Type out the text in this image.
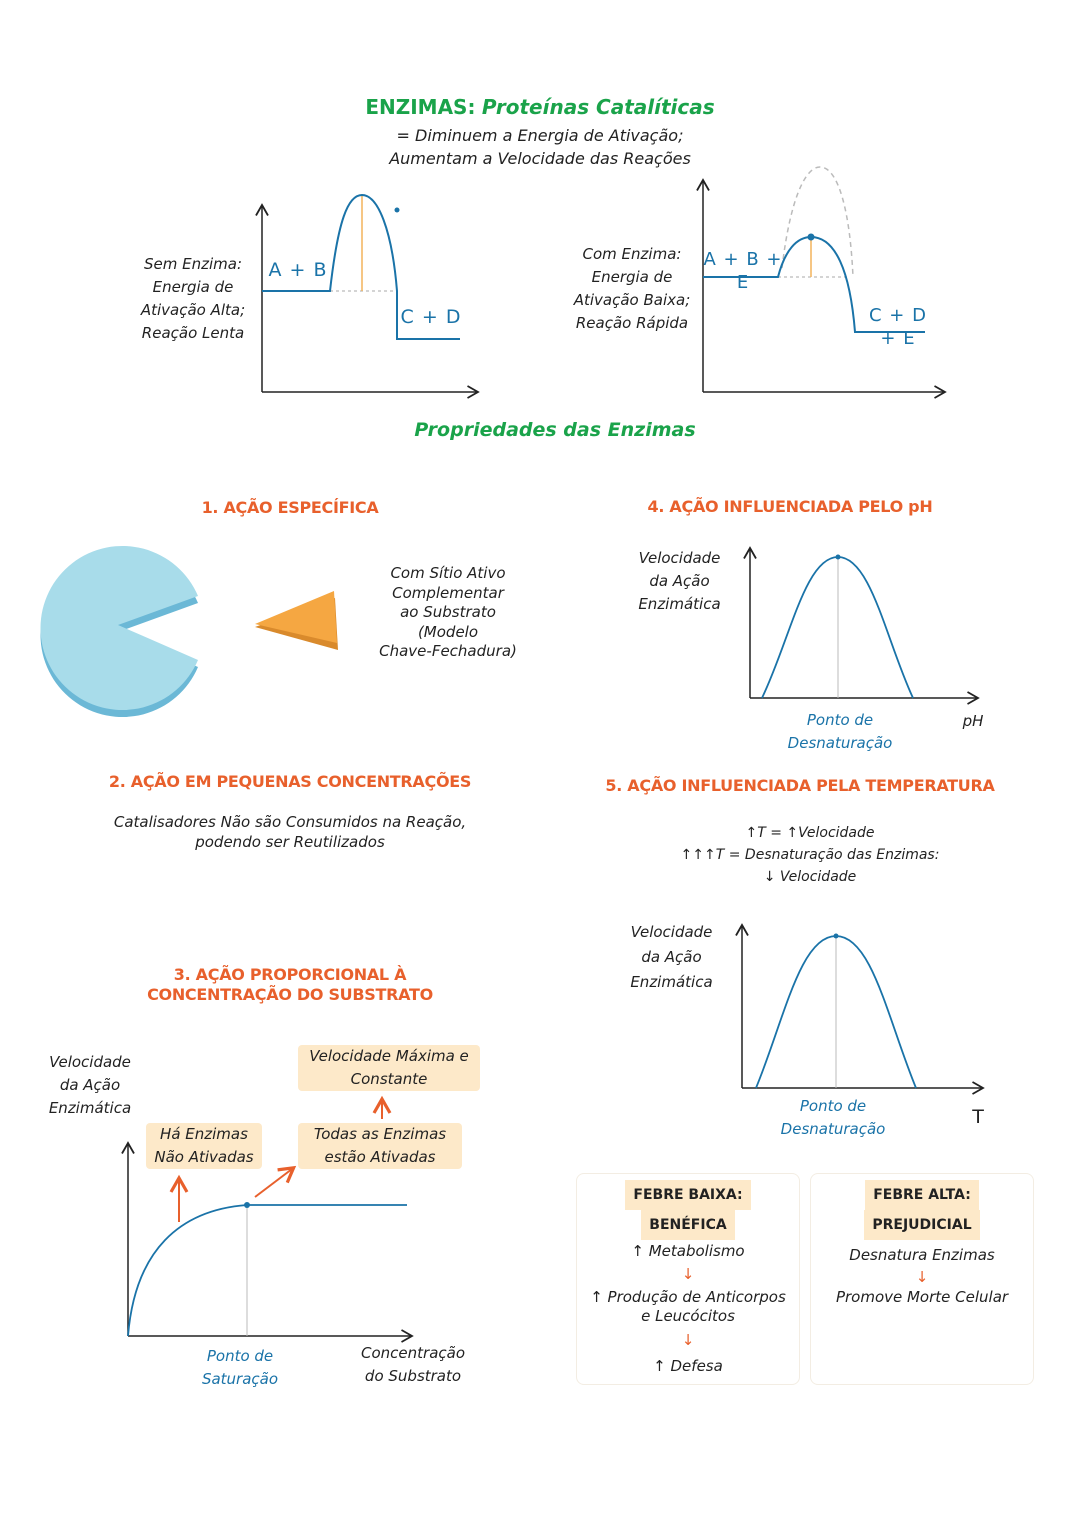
ENZIMAS: Proteínas Catalíticas
= Diminuem a Energia de Ativação;
Aumentam a Velocidade das Reações
Sem Enzima:
Energia de
Ativação Alta;
Reação Lenta
A + B
C + D
Com Enzima:
Energia de
Ativação Baixa;
Reação Rápida
A + B + E
C + D + E
Propriedades das Enzimas
1. AÇÃO ESPECÍFICA
Com Sítio Ativo
Complementar
ao Substrato
(Modelo
Chave-Fechadura)
2. AÇÃO EM PEQUENAS CONCENTRAÇÕES
Catalisadores Não são Consumidos na Reação,
podendo ser Reutilizados
3. AÇÃO PROPORCIONAL À
CONCENTRAÇÃO DO SUBSTRATO
Velocidade
da Ação
Enzimática
Há Enzimas
Não Ativadas
Todas as Enzimas
estão Ativadas
Velocidade Máxima e
Constante
Ponto de
Saturação
Concentração
do Substrato
4. AÇÃO INFLUENCIADA PELO pH
Velocidade
da Ação
Enzimática
Ponto de
Desnaturação
pH
5. AÇÃO INFLUENCIADA PELA TEMPERATURA
↑T = ↑Velocidade
↑↑↑T = Desnaturação das Enzimas:
↓ Velocidade
Velocidade
da Ação
Enzimática
Ponto de
Desnaturação
T
FEBRE BAIXA:
BENÉFICA
↑ Metabolismo
↓
↑ Produção de Anticorpos
e Leucócitos
↓
↑ Defesa
FEBRE ALTA:
PREJUDICIAL
Desnatura Enzimas
↓
Promove Morte Celular
